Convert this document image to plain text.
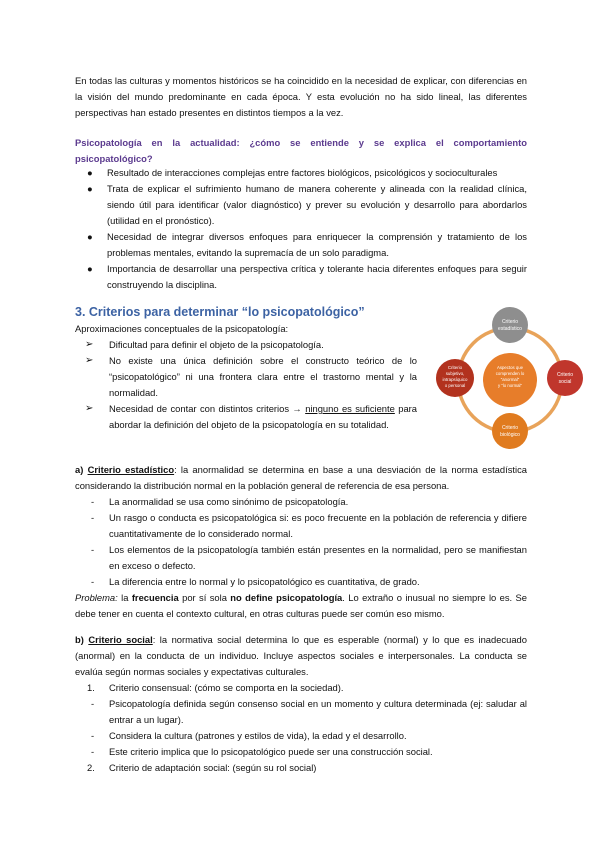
En todas las culturas y momentos históricos se ha coincidido en la necesidad de explicar, con diferencias en la visión del mundo predominante en cada época. Y esta evolución no ha sido lineal, las diferentes perspectivas han estado presentes en distintos tiempos a la vez.

Psicopatología en la actualidad: ¿cómo se entiende y se explica el comportamiento psicopatológico?

● Resultado de interacciones complejas entre factores biológicos, psicológicos y socioculturales
● Trata de explicar el sufrimiento humano de manera coherente y alineada con la realidad clínica, siendo útil para identificar (valor diagnóstico) y prever su evolución y desarrollo para abordarlos (utilidad en el pronóstico).
● Necesidad de integrar diversos enfoques para enriquecer la comprensión y tratamiento de los problemas mentales, evitando la supremacía de un solo paradigma.
● Importancia de desarrollar una perspectiva crítica y tolerante hacia diferentes enfoques para seguir construyendo la disciplina.
3. Criterios para determinar “lo psicopatológico”

Aproximaciones conceptuales de la psicopatología:

➢ Dificultad para definir el objeto de la psicopatología.
➢ No existe una única definición sobre el constructo teórico de lo “psicopatológico” ni una frontera clara entre el trastorno mental y la normalidad.
➢ Necesidad de contar con distintos criterios → ninguno es suficiente para abordar la definición del objeto de la psicopatología en su totalidad.
Aspectos que
comprenden lo
“anormal”
y “lo normal”
Criterio
estadístico
Criterio
social
Criterio
biológico
Criterio
subjetivo,
intrapsíquico
o personal

a) Criterio estadístico: la anormalidad se determina en base a una desviación de la norma estadística considerando la distribución normal en la población general de referencia de esa persona.

- La anormalidad se usa como sinónimo de psicopatología.
- Un rasgo o conducta es psicopatológica si: es poco frecuente en la población de referencia y difiere cuantitativamente de lo considerado normal.
- Los elementos de la psicopatología también están presentes en la normalidad, pero se manifiestan en exceso o defecto.
- La diferencia entre lo normal y lo psicopatológico es cuantitativa, de grado.

Problema: la frecuencia por sí sola no define psicopatología. Lo extraño o inusual no siempre lo es. Se debe tener en cuenta el contexto cultural, en otras culturas puede ser común eso mismo.

b) Criterio social: la normativa social determina lo que es esperable (normal) y lo que es inadecuado (anormal) en la conducta de un individuo. Incluye aspectos sociales e interpersonales. La conducta se evalúa según normas sociales y expectativas culturales.

1. Criterio consensual: (cómo se comporta en la sociedad).
- Psicopatología definida según consenso social en un momento y cultura determinada (ej: saludar al entrar a un lugar).
- Considera la cultura (patrones y estilos de vida), la edad y el desarrollo.
- Este criterio implica que lo psicopatológico puede ser una construcción social.
2. Criterio de adaptación social: (según su rol social)
